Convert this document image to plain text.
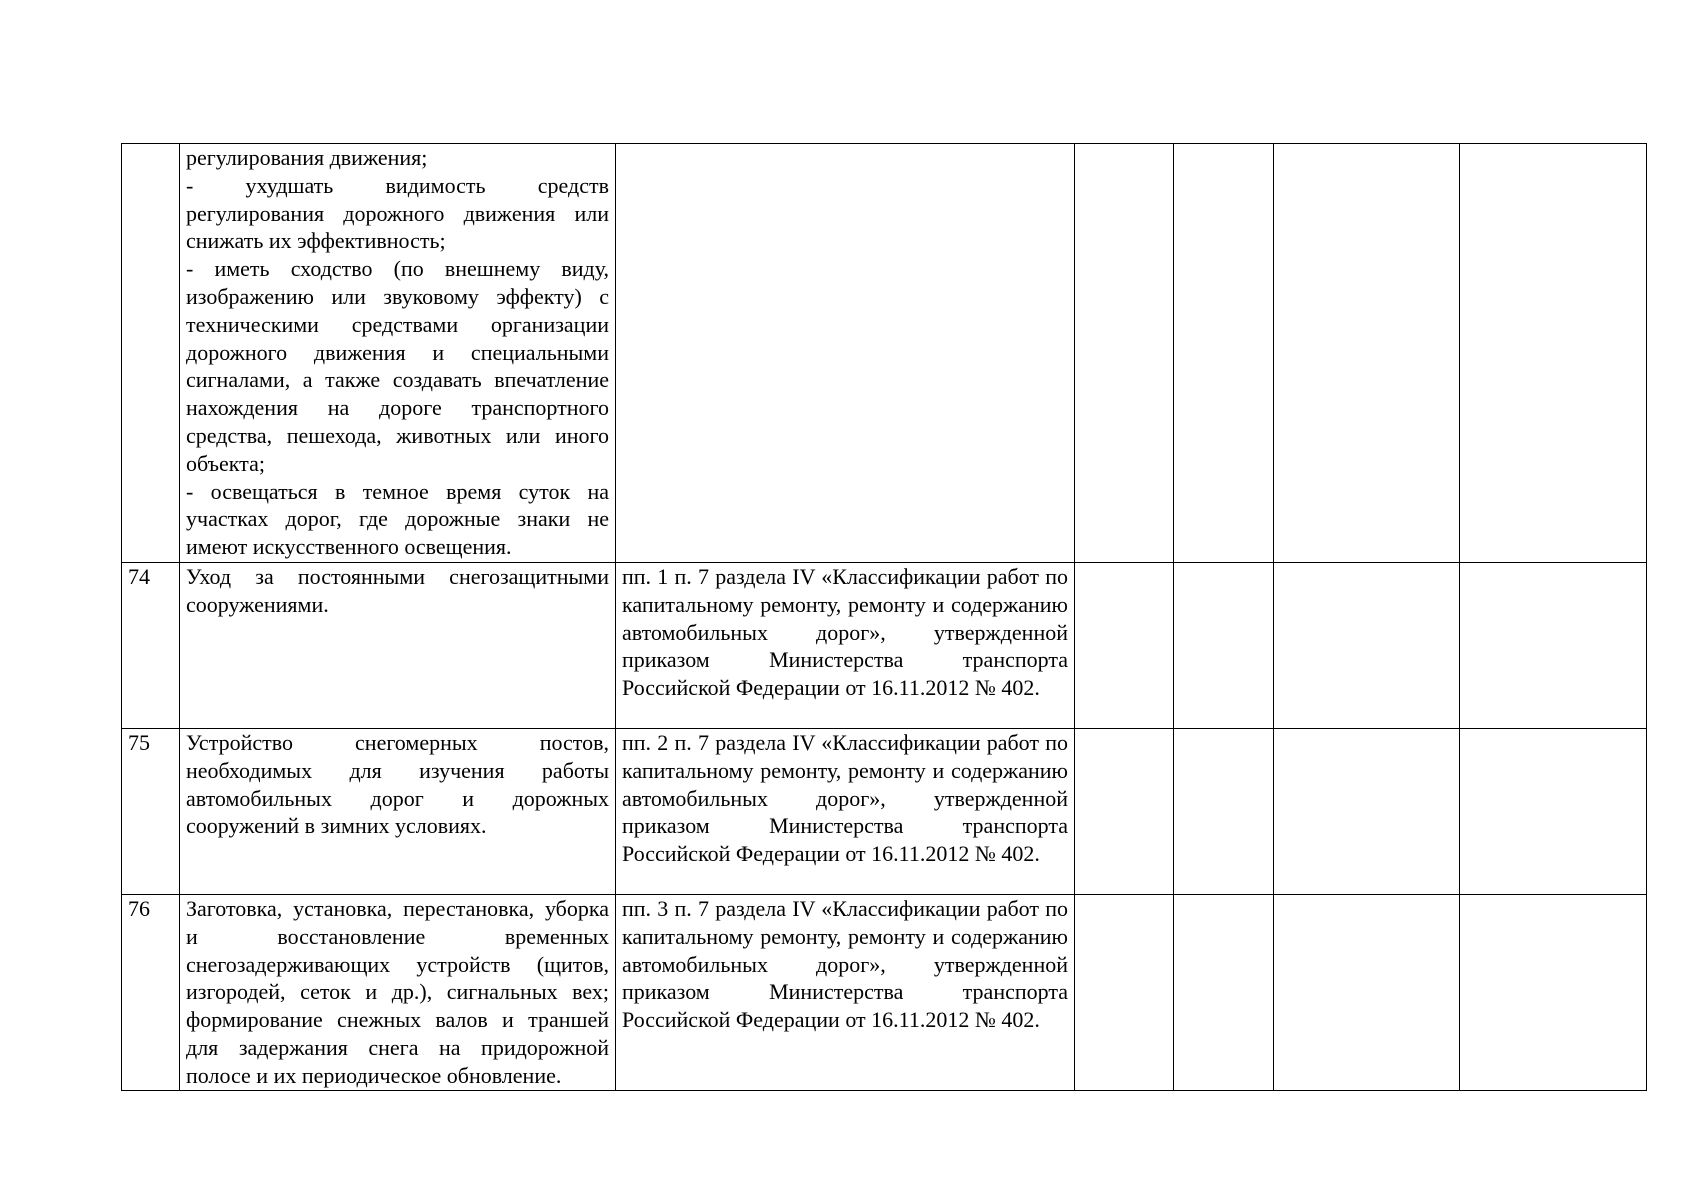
	регулирования движения;

- ухудшать видимость средств регулирования дорожного движения или снижать их эффективность;

- иметь сходство (по внешнему виду, изображению или звуковому эффекту) с техническими средствами организации дорожного движения и специальными сигналами, а также создавать впечатление нахождения на дороге транспортного средства, пешехода, животных или иного объекта;

- освещаться в темное время суток на участках дорог, где дорожные знаки не имеют искусственного освещения.					

74	Уход за постоянными снегозащитными сооружениями.	пп. 1 п. 7 раздела IV «Классификации работ по капитальному ремонту, ремонту и содержанию автомобильных дорог», утвержденной приказом Министерства транспорта Российской Федерации от 16.11.2012 № 402.				

75	Устройство снегомерных постов, необходимых для изучения работы автомобильных дорог и дорожных сооружений в зимних условиях.	пп. 2 п. 7 раздела IV «Классификации работ по капитальному ремонту, ремонту и содержанию автомобильных дорог», утвержденной приказом Министерства транспорта Российской Федерации от 16.11.2012 № 402.				

76	Заготовка, установка, перестановка, уборка и восстановление временных снегозадерживающих устройств (щитов, изгородей, сеток и др.), сигнальных вех; формирование снежных валов и траншей для задержания снега на придорожной полосе и их периодическое обновление.	пп. 3 п. 7 раздела IV «Классификации работ по капитальному ремонту, ремонту и содержанию автомобильных дорог», утвержденной приказом Министерства транспорта Российской Федерации от 16.11.2012 № 402.				
